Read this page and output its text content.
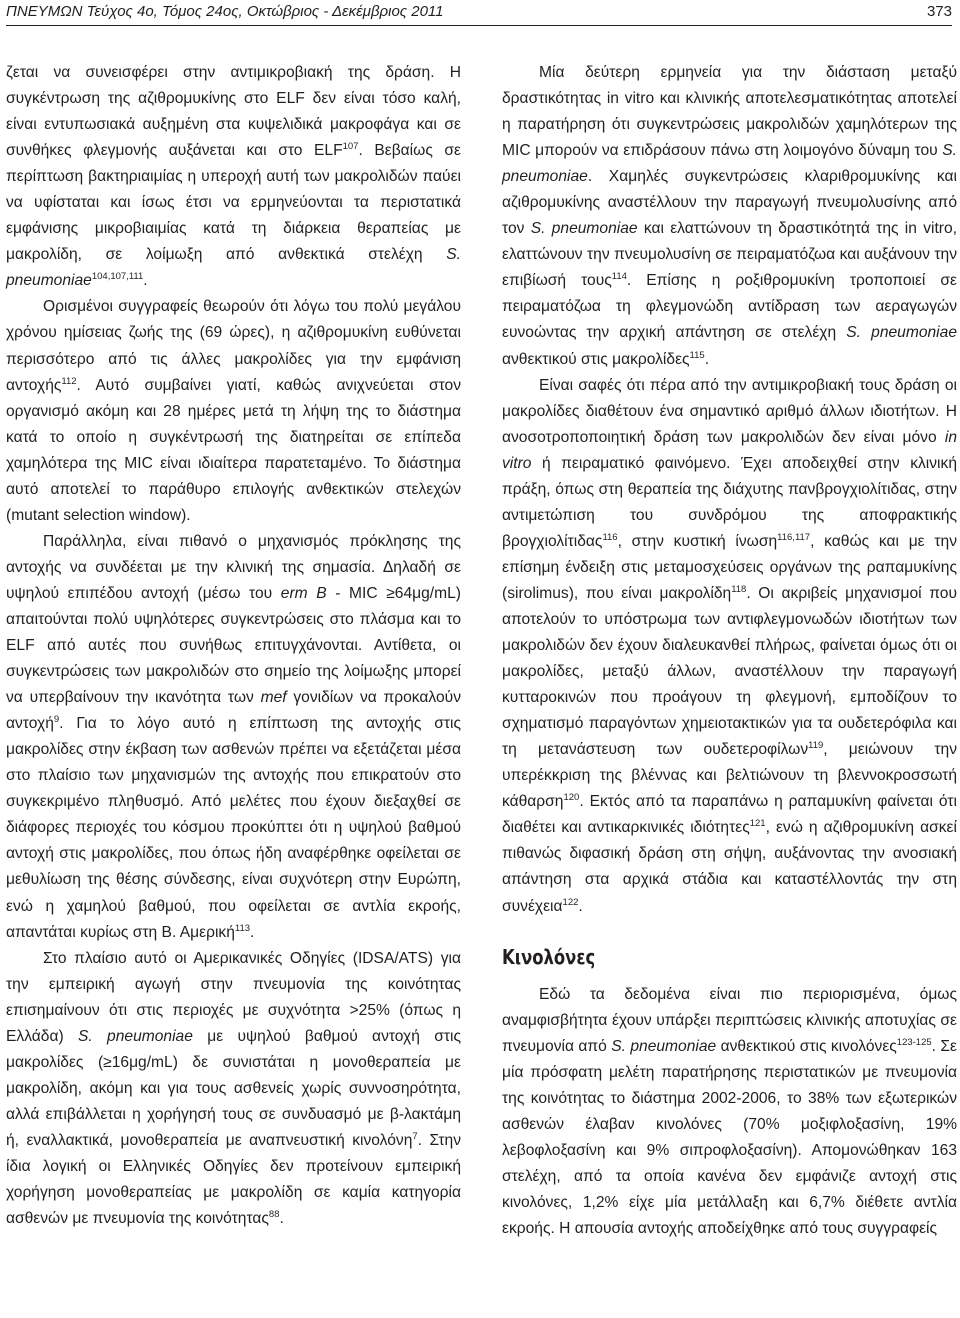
ΠΝΕΥΜΩΝ Τεύχος 4ο, Τόμος 24ος, Οκτώβριος - Δεκέμβριος 2011	373

ζεται να συνεισφέρει στην αντιμικροβιακή της δράση. Η συγκέντρωση της αζιθρομυκίνης στο ELF δεν είναι τόσο καλή, είναι εντυπωσιακά αυξημένη στα κυψελιδικά μακροφάγα και σε συνθήκες φλεγμονής αυξάνεται και στο ELF$^{107}$. Βεβαίως σε περίπτωση βακτηριαιμίας η υπεροχή αυτή των μακρολιδών παύει να υφίσταται και ίσως έτσι να ερμηνεύονται τα περιστατικά εμφάνισης μικροβιαιμίας κατά τη διάρκεια θεραπείας με μακρολίδη, σε λοίμωξη από ανθεκτικά στελέχη S. pneumoniae$^{104,107,111}$.

Ορισμένοι συγγραφείς θεωρούν ότι λόγω του πολύ μεγάλου χρόνου ημίσειας ζωής της (69 ώρες), η αζιθρομυκίνη ευθύνεται περισσότερο από τις άλλες μακρολίδες για την εμφάνιση αντοχής$^{112}$. Αυτό συμβαίνει γιατί, καθώς ανιχνεύεται στον οργανισμό ακόμη και 28 ημέρες μετά τη λήψη της το διάστημα κατά το οποίο η συγκέντρωσή της διατηρείται σε επίπεδα χαμηλότερα της MIC είναι ιδιαίτερα παρατεταμένο. Το διάστημα αυτό αποτελεί το παράθυρο επιλογής ανθεκτικών στελεχών (mutant selection window).

Παράλληλα, είναι πιθανό ο μηχανισμός πρόκλησης της αντοχής να συνδέεται με την κλινική της σημασία. Δηλαδή σε υψηλού επιπέδου αντοχή (μέσω του erm B - MIC ≥64μg/mL) απαιτούνται πολύ υψηλότερες συγκεντρώσεις στο πλάσμα και το ELF από αυτές που συνήθως επιτυγχάνονται. Αντίθετα, οι συγκεντρώσεις των μακρολιδών στο σημείο της λοίμωξης μπορεί να υπερβαίνουν την ικανότητα των mef γονιδίων να προκαλούν αντοχή$^9$. Για το λόγο αυτό η επίπτωση της αντοχής στις μακρολίδες στην έκβαση των ασθενών πρέπει να εξετάζεται μέσα στο πλαίσιο των μηχανισμών της αντοχής που επικρατούν στο συγκεκριμένο πληθυσμό. Από μελέτες που έχουν διεξαχθεί σε διάφορες περιοχές του κόσμου προκύπτει ότι η υψηλού βαθμού αντοχή στις μακρολίδες, που όπως ήδη αναφέρθηκε οφείλεται σε μεθυλίωση της θέσης σύνδεσης, είναι συχνότερη στην Ευρώπη, ενώ η χαμηλού βαθμού, που οφείλεται σε αντλία εκροής, απαντάται κυρίως στη Β. Αμερική$^{113}$.

Στο πλαίσιο αυτό οι Αμερικανικές Οδηγίες (IDSA/ATS) για την εμπειρική αγωγή στην πνευμονία της κοινότητας επισημαίνουν ότι στις περιοχές με συχνότητα >25% (όπως η Ελλάδα) S. pneumoniae με υψηλού βαθμού αντοχή στις μακρολίδες (≥16μg/mL) δε συνιστάται η μονοθεραπεία με μακρολίδη, ακόμη και για τους ασθενείς χωρίς συννοσηρότητα, αλλά επιβάλλεται η χορήγησή τους σε συνδυασμό με β-λακτάμη ή, εναλλακτικά, μονοθεραπεία με αναπνευστική κινολόνη$^7$. Στην ίδια λογική οι Ελληνικές Οδηγίες δεν προτείνουν εμπειρική χορήγηση μονοθεραπείας με μακρολίδη σε καμία κατηγορία ασθενών με πνευμονία της κοινότητας$^{88}$.

Μία δεύτερη ερμηνεία για την διάσταση μεταξύ δραστικότητας in vitro και κλινικής αποτελεσματικότητας αποτελεί η παρατήρηση ότι συγκεντρώσεις μακρολιδών χαμηλότερων της MIC μπορούν να επιδράσουν πάνω στη λοιμογόνο δύναμη του S. pneumoniae. Χαμηλές συγκεντρώσεις κλαριθρομυκίνης και αζιθρομυκίνης αναστέλλουν την παραγωγή πνευμολυσίνης από τον S. pneumoniae και ελαττώνουν τη δραστικότητά της in vitro, ελαττώνουν την πνευμολυσίνη σε πειραματόζωα και αυξάνουν την επιβίωσή τους$^{114}$. Επίσης η ροξιθρομυκίνη τροποποιεί σε πειραματόζωα τη φλεγμονώδη αντίδραση των αεραγωγών ευνοώντας την αρχική απάντηση σε στελέχη S. pneumoniae ανθεκτικού στις μακρολίδες$^{115}$.

Είναι σαφές ότι πέρα από την αντιμικροβιακή τους δράση οι μακρολίδες διαθέτουν ένα σημαντικό αριθμό άλλων ιδιοτήτων. Η ανοσοτροποποιητική δράση των μακρολιδών δεν είναι μόνο in vitro ή πειραματικό φαινόμενο. Έχει αποδειχθεί στην κλινική πράξη, όπως στη θεραπεία της διάχυτης πανβρογχιολίτιδας, στην αντιμετώπιση του συνδρόμου της αποφρακτικής βρογχιολίτιδας$^{116}$, στην κυστική ίνωση$^{116,117}$, καθώς και με την επίσημη ένδειξη στις μεταμοσχεύσεις οργάνων της ραπαμυκίνης (sirolimus), που είναι μακρολίδη$^{118}$. Οι ακριβείς μηχανισμοί που αποτελούν το υπόστρωμα των αντιφλεγμονωδών ιδιοτήτων των μακρολιδών δεν έχουν διαλευκανθεί πλήρως, φαίνεται όμως ότι οι μακρολίδες, μεταξύ άλλων, αναστέλλουν την παραγωγή κυτταροκινών που προάγουν τη φλεγμονή, εμποδίζουν το σχηματισμό παραγόντων χημειοτακτικών για τα ουδετερόφιλα και τη μετανάστευση των ουδετεροφίλων$^{119}$, μειώνουν την υπερέκκριση της βλέννας και βελτιώνουν τη βλεννοκροσσωτή κάθαρση$^{120}$. Εκτός από τα παραπάνω η ραπαμυκίνη φαίνεται ότι διαθέτει και αντικαρκινικές ιδιότητες$^{121}$, ενώ η αζιθρομυκίνη ασκεί πιθανώς διφασική δράση στη σήψη, αυξάνοντας την ανοσιακή απάντηση στα αρχικά στάδια και καταστέλλοντάς την στη συνέχεια$^{122}$.

Κινολόνες

Εδώ τα δεδομένα είναι πιο περιορισμένα, όμως αναμφισβήτητα έχουν υπάρξει περιπτώσεις κλινικής αποτυχίας σε πνευμονία από S. pneumoniae ανθεκτικού στις κινολόνες$^{123-125}$. Σε μία πρόσφατη μελέτη παρατήρησης περιστατικών με πνευμονία της κοινότητας το διάστημα 2002-2006, το 38% των εξωτερικών ασθενών έλαβαν κινολόνες (70% μοξιφλοξασίνη, 19% λεβοφλοξασίνη και 9% σιπροφλοξασίνη). Απομονώθηκαν 163 στελέχη, από τα οποία κανένα δεν εμφάνιζε αντοχή στις κινολόνες, 1,2% είχε μία μετάλλαξη και 6,7% διέθετε αντλία εκροής. Η απουσία αντοχής αποδείχθηκε από τους συγγραφείς
